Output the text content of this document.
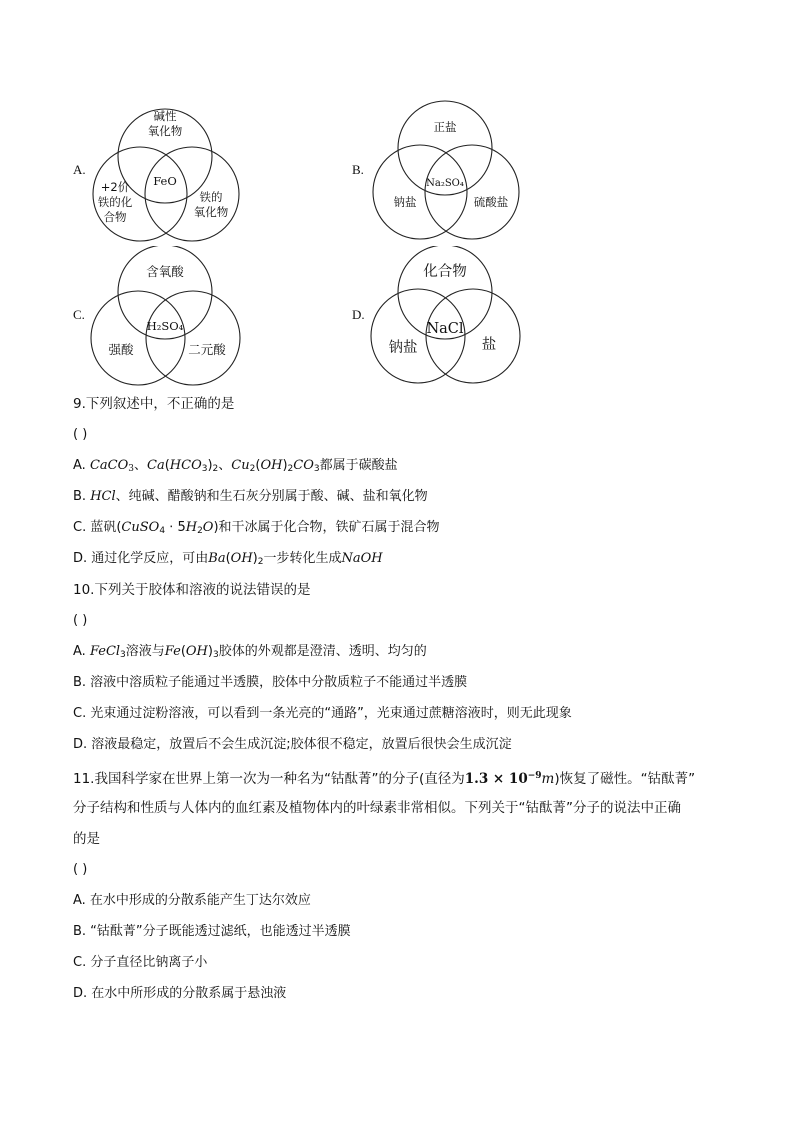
A.
碱性
氧化物
FeO
+2价
铁的化
合物
铁的
氧化物
B.
正盐
Na₂SO₄
钠盐	硫酸盐
C.
含氧酸
H₂SO₄
强酸	二元酸
D.
化合物
NaCl
钠盐	盐
9.下列叙述中，不正确的是
( )
A. CaCO$_3$、$Ca(HCO_3)_2$、$Cu_2(OH)_2CO_3$都属于碳酸盐
B. HCl、纯碱、醋酸钠和生石灰分别属于酸、碱、盐和氧化物
C. 蓝矾(CuSO$_4$ ⋅ $5H_2O$)和干冰属于化合物，铁矿石属于混合物
D. 通过化学反应，可由$Ba(OH)_2$一步转化生成NaOH
10.下列关于胶体和溶液的说法错误的是
( )
A. FeCl$_3$溶液与$Fe(OH)_3$胶体的外观都是澄清、透明、均匀的
B. 溶液中溶质粒子能通过半透膜，胶体中分散质粒子不能通过半透膜
C. 光束通过淀粉溶液，可以看到一条光亮的“通路”，光束通过蔗糖溶液时，则无此现象
D. 溶液最稳定，放置后不会生成沉淀;胶体很不稳定，放置后很快会生成沉淀
11.我国科学家在世界上第一次为一种名为“钴酞菁”的分子(直径为$1.3 \times 10^{-9}m$)恢复了磁性。“钴酞菁”
分子结构和性质与人体内的血红素及植物体内的叶绿素非常相似。下列关于“钴酞菁”分子的说法中正确
的是
( )
A. 在水中形成的分散系能产生丁达尔效应
B. “钴酞菁”分子既能透过滤纸，也能透过半透膜
C. 分子直径比钠离子小
D. 在水中所形成的分散系属于悬浊液
